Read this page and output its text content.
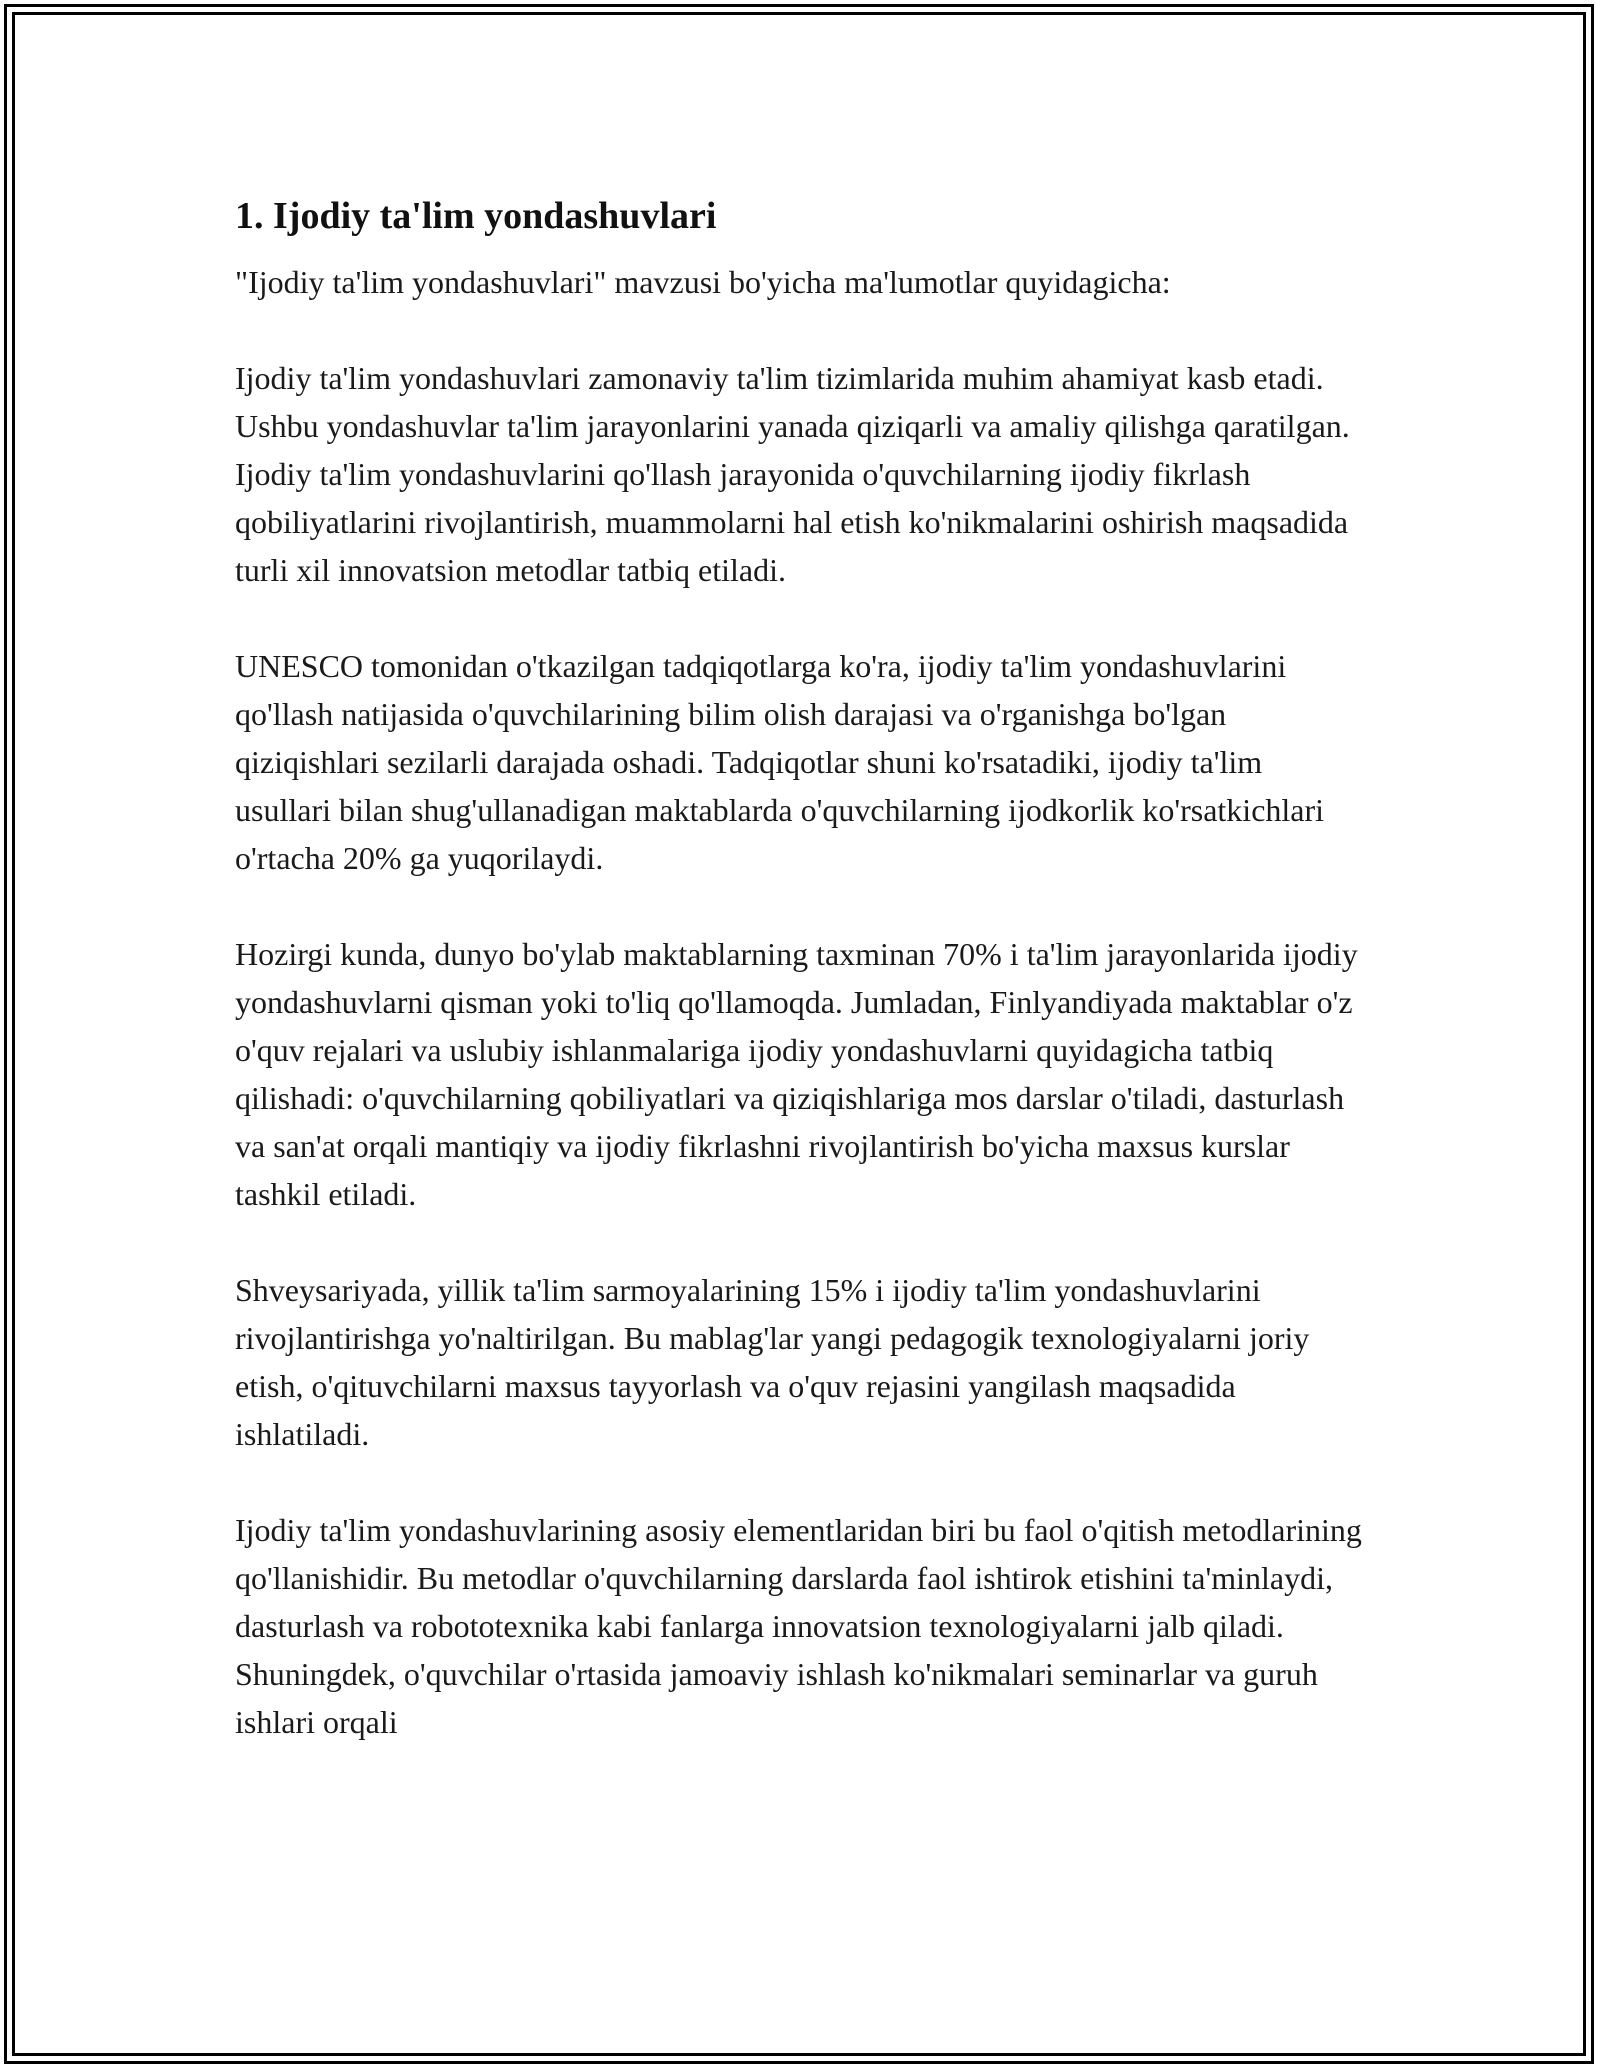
1. Ijodiy ta'lim yondashuvlari

"Ijodiy ta'lim yondashuvlari" mavzusi bo'yicha ma'lumotlar quyidagicha:

Ijodiy ta'lim yondashuvlari zamonaviy ta'lim tizimlarida muhim ahamiyat kasb etadi. Ushbu yondashuvlar ta'lim jarayonlarini yanada qiziqarli va amaliy qilishga qaratilgan. Ijodiy ta'lim yondashuvlarini qo'llash jarayonida o'quvchilarning ijodiy fikrlash qobiliyatlarini rivojlantirish, muammolarni hal etish ko'nikmalarini oshirish maqsadida turli xil innovatsion metodlar tatbiq etiladi.

UNESCO tomonidan o'tkazilgan tadqiqotlarga ko'ra, ijodiy ta'lim yondashuvlarini qo'llash natijasida o'quvchilarining bilim olish darajasi va o'rganishga bo'lgan qiziqishlari sezilarli darajada oshadi. Tadqiqotlar shuni ko'rsatadiki, ijodiy ta'lim usullari bilan shug'ullanadigan maktablarda o'quvchilarning ijodkorlik ko'rsatkichlari o'rtacha 20% ga yuqorilaydi.

Hozirgi kunda, dunyo bo'ylab maktablarning taxminan 70% i ta'lim jarayonlarida ijodiy yondashuvlarni qisman yoki to'liq qo'llamoqda. Jumladan, Finlyandiyada maktablar o'z o'quv rejalari va uslubiy ishlanmalariga ijodiy yondashuvlarni quyidagicha tatbiq qilishadi: o'quvchilarning qobiliyatlari va qiziqishlariga mos darslar o'tiladi, dasturlash va san'at orqali mantiqiy va ijodiy fikrlashni rivojlantirish bo'yicha maxsus kurslar tashkil etiladi.

Shveysariyada, yillik ta'lim sarmoyalarining 15% i ijodiy ta'lim yondashuvlarini rivojlantirishga yo'naltirilgan. Bu mablag'lar yangi pedagogik texnologiyalarni joriy etish, o'qituvchilarni maxsus tayyorlash va o'quv rejasini yangilash maqsadida ishlatiladi.

Ijodiy ta'lim yondashuvlarining asosiy elementlaridan biri bu faol o'qitish metodlarining qo'llanishidir. Bu metodlar o'quvchilarning darslarda faol ishtirok etishini ta'minlaydi, dasturlash va robototexnika kabi fanlarga innovatsion texnologiyalarni jalb qiladi. Shuningdek, o'quvchilar o'rtasida jamoaviy ishlash ko'nikmalari seminarlar va guruh ishlari orqali
